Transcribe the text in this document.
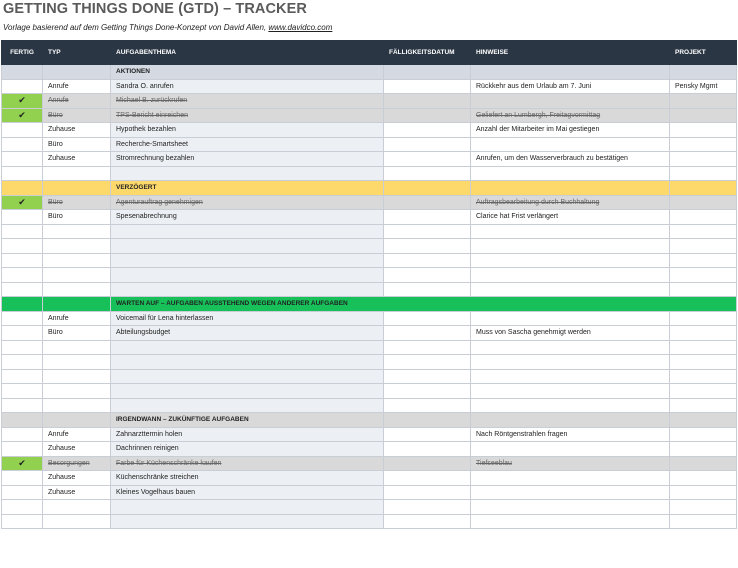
GETTING THINGS DONE (GTD) – TRACKER

Vorlage basierend auf dem Getting Things Done-Konzept von David Allen, www.davidco.com

FERTIG	TYP	AUFGABENTHEMA	FÄLLIGKEITSDATUM	HINWEISE	PROJEKT
		AKTIONEN			
	Anrufe	Sandra O. anrufen		Rückkehr aus dem Urlaub am 7. Juni	Pensky Mgmt
✔	Anrufe	Michael B. zurückrufen			
✔	Büro	TPS-Bericht einreichen		Geliefert an Lumbergh, Freitagvormittag	
	Zuhause	Hypothek bezahlen		Anzahl der Mitarbeiter im Mai gestiegen	
	Büro	Recherche-Smartsheet			
	Zuhause	Stromrechnung bezahlen		Anrufen, um den Wasserverbrauch zu bestätigen	

		VERZÖGERT			
✔	Büro	Agenturauftrag genehmigen		Auftragsbearbeitung durch Buchhaltung	
	Büro	Spesenabrechnung		Clarice hat Frist verlängert	

		WARTEN AUF – AUFGABEN AUSSTEHEND WEGEN ANDERER AUFGABEN			
	Anrufe	Voicemail für Lena hinterlassen			
	Büro	Abteilungsbudget		Muss von Sascha genehmigt werden	

		IRGENDWANN – ZUKÜNFTIGE AUFGABEN			
	Anrufe	Zahnarzttermin holen		Nach Röntgenstrahlen fragen	
	Zuhause	Dachrinnen reinigen			
✔	Besorgungen	Farbe für Küchenschränke kaufen		Tiefseeblau	
	Zuhause	Küchenschränke streichen			
	Zuhause	Kleines Vogelhaus bauen			
